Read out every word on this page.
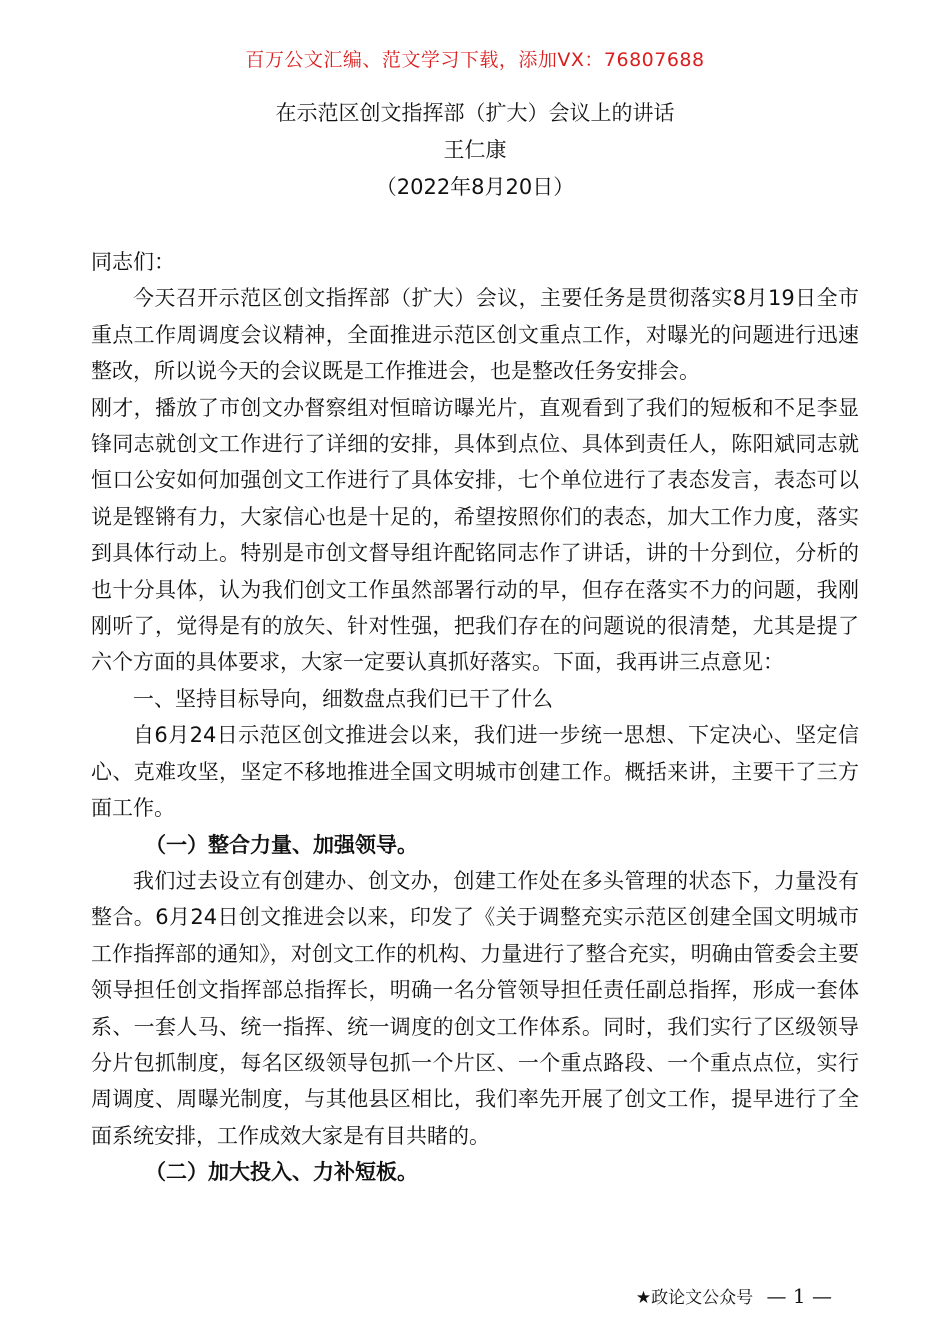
百万公文汇编、范文学习下载，添加VX：76807688
在示范区创文指挥部（扩大）会议上的讲话
王仁康
（2022年8月20日）

同志们：

今天召开示范区创文指挥部（扩大）会议，主要任务是贯彻落实8月19日全市重点工作周调度会议精神，全面推进示范区创文重点工作，对曝光的问题进行迅速整改，所以说今天的会议既是工作推进会，也是整改任务安排会。

刚才，播放了市创文办督察组对恒暗访曝光片，直观看到了我们的短板和不足李显锋同志就创文工作进行了详细的安排，具体到点位、具体到责任人，陈阳斌同志就恒口公安如何加强创文工作进行了具体安排，七个单位进行了表态发言，表态可以说是铿锵有力，大家信心也是十足的，希望按照你们的表态，加大工作力度，落实到具体行动上。特别是市创文督导组许配铭同志作了讲话，讲的十分到位，分析的也十分具体，认为我们创文工作虽然部署行动的早，但存在落实不力的问题，我刚刚听了，觉得是有的放矢、针对性强，把我们存在的问题说的很清楚，尤其是提了六个方面的具体要求，大家一定要认真抓好落实。下面，我再讲三点意见：

一、坚持目标导向，细数盘点我们已干了什么

自6月24日示范区创文推进会以来，我们进一步统一思想、下定决心、坚定信心、克难攻坚，坚定不移地推进全国文明城市创建工作。概括来讲，主要干了三方面工作。

（一）整合力量、加强领导。

我们过去设立有创建办、创文办，创建工作处在多头管理的状态下，力量没有整合。6月24日创文推进会以来，印发了《关于调整充实示范区创建全国文明城市工作指挥部的通知》，对创文工作的机构、力量进行了整合充实，明确由管委会主要领导担任创文指挥部总指挥长，明确一名分管领导担任责任副总指挥，形成一套体系、一套人马、统一指挥、统一调度的创文工作体系。同时，我们实行了区级领导分片包抓制度，每名区级领导包抓一个片区、一个重点路段、一个重点点位，实行周调度、周曝光制度，与其他县区相比，我们率先开展了创文工作，提早进行了全面系统安排，工作成效大家是有目共睹的。

（二）加大投入、力补短板。

★政论文公众号 — 1 —
